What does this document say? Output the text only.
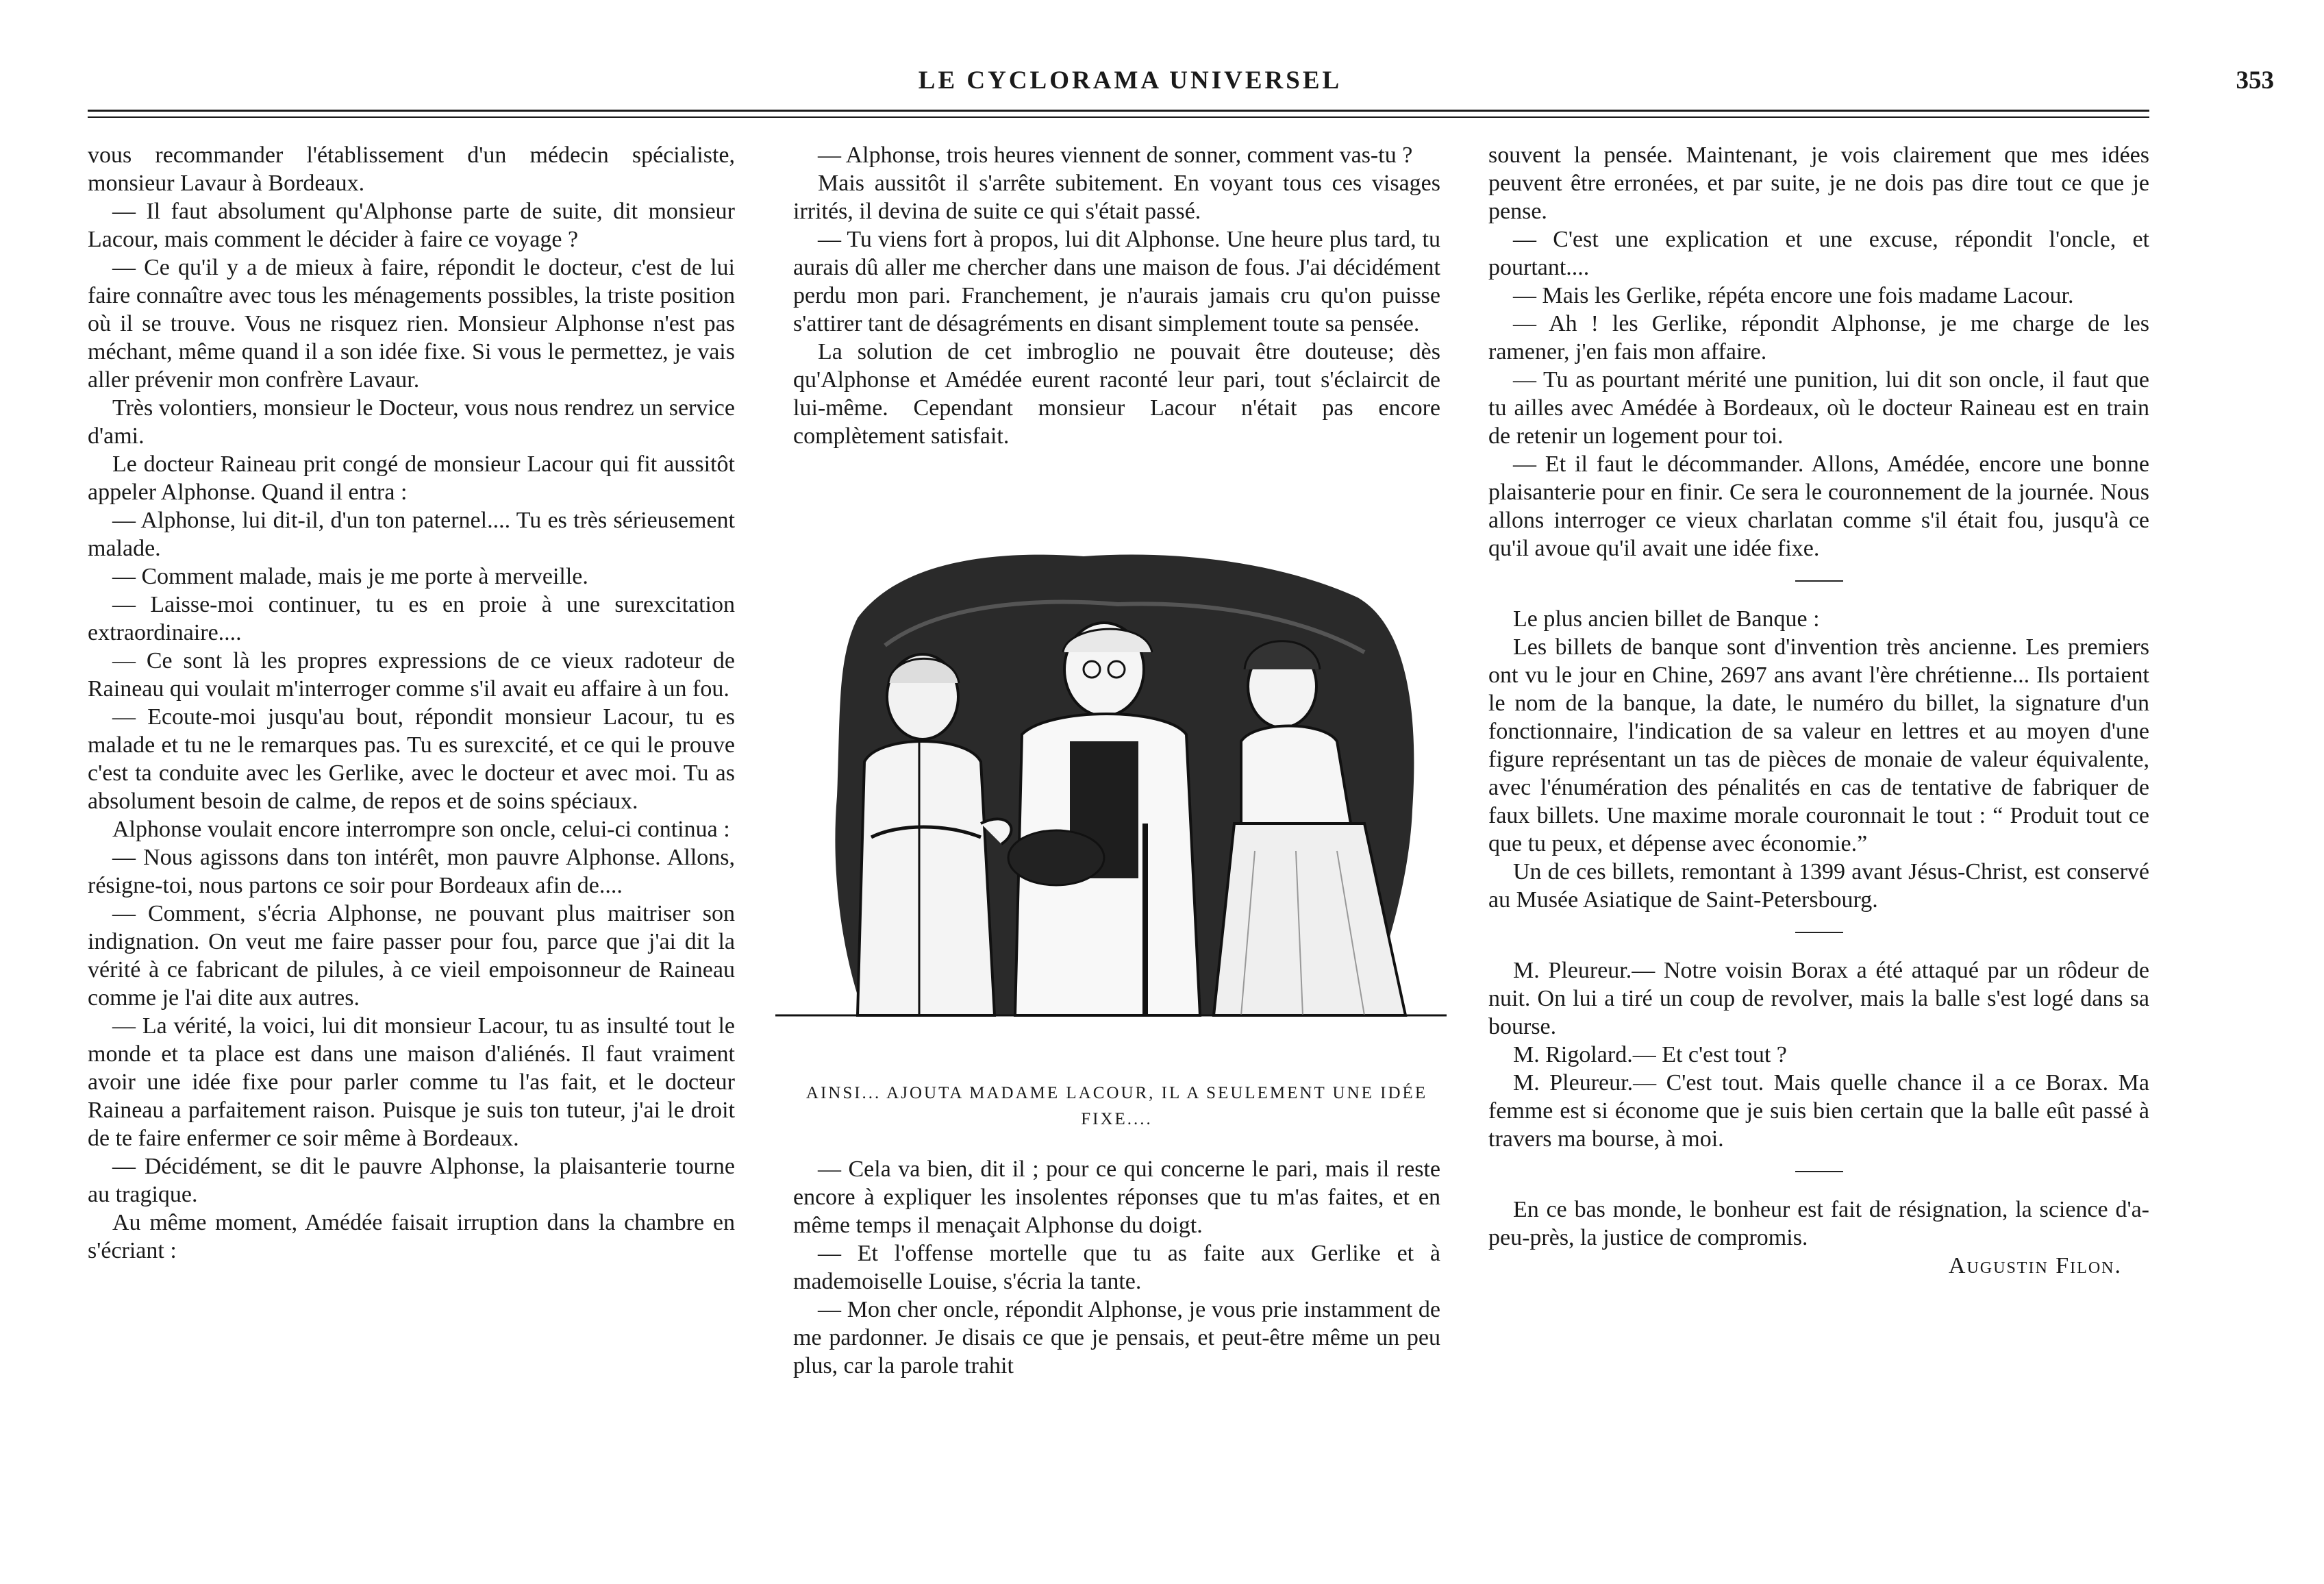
LE CYCLORAMA UNIVERSEL	353

vous recommander l'établissement d'un médecin spécialiste, monsieur Lavaur à Bordeaux.

— Il faut absolument qu'Alphonse parte de suite, dit monsieur Lacour, mais comment le décider à faire ce voyage ?

— Ce qu'il y a de mieux à faire, répondit le docteur, c'est de lui faire connaître avec tous les ménagements possibles, la triste position où il se trouve. Vous ne risquez rien. Monsieur Alphonse n'est pas méchant, même quand il a son idée fixe. Si vous le permettez, je vais aller prévenir mon confrère Lavaur.

Très volontiers, monsieur le Docteur, vous nous rendrez un service d'ami.

Le docteur Raineau prit congé de monsieur Lacour qui fit aussitôt appeler Alphonse. Quand il entra :

— Alphonse, lui dit-il, d'un ton paternel.... Tu es très sérieusement malade.

— Comment malade, mais je me porte à merveille.

— Laisse-moi continuer, tu es en proie à une surexcitation extraordinaire....

— Ce sont là les propres expressions de ce vieux radoteur de Raineau qui voulait m'interroger comme s'il avait eu affaire à un fou.

— Ecoute-moi jusqu'au bout, répondit monsieur Lacour, tu es malade et tu ne le remarques pas. Tu es surexcité, et ce qui le prouve c'est ta conduite avec les Gerlike, avec le docteur et avec moi. Tu as absolument besoin de calme, de repos et de soins spéciaux.

Alphonse voulait encore interrompre son oncle, celui-ci continua :

— Nous agissons dans ton intérêt, mon pauvre Alphonse. Allons, résigne-toi, nous partons ce soir pour Bordeaux afin de....

— Comment, s'écria Alphonse, ne pouvant plus maitriser son indignation. On veut me faire passer pour fou, parce que j'ai dit la vérité à ce fabricant de pilules, à ce vieil empoisonneur de Raineau comme je l'ai dite aux autres.

— La vérité, la voici, lui dit monsieur Lacour, tu as insulté tout le monde et ta place est dans une maison d'aliénés. Il faut vraiment avoir une idée fixe pour parler comme tu l'as fait, et le docteur Raineau a parfaitement raison. Puisque je suis ton tuteur, j'ai le droit de te faire enfermer ce soir même à Bordeaux.

— Décidément, se dit le pauvre Alphonse, la plaisanterie tourne au tragique.

Au même moment, Amédée faisait irruption dans la chambre en s'écriant :

— Alphonse, trois heures viennent de sonner, comment vas-tu ?

Mais aussitôt il s'arrête subitement. En voyant tous ces visages irrités, il devina de suite ce qui s'était passé.

— Tu viens fort à propos, lui dit Alphonse. Une heure plus tard, tu aurais dû aller me chercher dans une maison de fous. J'ai décidément perdu mon pari. Franchement, je n'aurais jamais cru qu'on puisse s'attirer tant de désagréments en disant simplement toute sa pensée.

La solution de cet imbroglio ne pouvait être douteuse; dès qu'Alphonse et Amédée eurent raconté leur pari, tout s'éclaircit de lui-même. Cependant monsieur Lacour n'était pas encore complètement satisfait.

AINSI... AJOUTA MADAME LACOUR, IL A SEULEMENT UNE IDÉE FIXE....

— Cela va bien, dit il ; pour ce qui concerne le pari, mais il reste encore à expliquer les insolentes réponses que tu m'as faites, et en même temps il menaçait Alphonse du doigt.

— Et l'offense mortelle que tu as faite aux Gerlike et à mademoiselle Louise, s'écria la tante.

— Mon cher oncle, répondit Alphonse, je vous prie instamment de me pardonner. Je disais ce que je pensais, et peut-être même un peu plus, car la parole trahit

souvent la pensée. Maintenant, je vois clairement que mes idées peuvent être erronées, et par suite, je ne dois pas dire tout ce que je pense.

— C'est une explication et une excuse, répondit l'oncle, et pourtant....

— Mais les Gerlike, répéta encore une fois madame Lacour.

— Ah ! les Gerlike, répondit Alphonse, je me charge de les ramener, j'en fais mon affaire.

— Tu as pourtant mérité une punition, lui dit son oncle, il faut que tu ailles avec Amédée à Bordeaux, où le docteur Raineau est en train de retenir un logement pour toi.

— Et il faut le décommander. Allons, Amédée, encore une bonne plaisanterie pour en finir. Ce sera le couronnement de la journée. Nous allons interroger ce vieux charlatan comme s'il était fou, jusqu'à ce qu'il avoue qu'il avait une idée fixe.

Le plus ancien billet de Banque :

Les billets de banque sont d'invention très ancienne. Les premiers ont vu le jour en Chine, 2697 ans avant l'ère chrétienne... Ils portaient le nom de la banque, la date, le numéro du billet, la signature d'un fonctionnaire, l'indication de sa valeur en lettres et au moyen d'une figure représentant un tas de pièces de monaie de valeur équivalente, avec l'énumération des pénalités en cas de tentative de fabriquer de faux billets. Une maxime morale couronnait le tout : “ Produit tout ce que tu peux, et dépense avec économie.”

Un de ces billets, remontant à 1399 avant Jésus-Christ, est conservé au Musée Asiatique de Saint-Petersbourg.

M. Pleureur.— Notre voisin Borax a été attaqué par un rôdeur de nuit. On lui a tiré un coup de revolver, mais la balle s'est logé dans sa bourse.

M. Rigolard.— Et c'est tout ?

M. Pleureur.— C'est tout. Mais quelle chance il a ce Borax. Ma femme est si économe que je suis bien certain que la balle eût passé à travers ma bourse, à moi.

En ce bas monde, le bonheur est fait de résignation, la science d'a-peu-près, la justice de compromis.

Augustin Filon.
